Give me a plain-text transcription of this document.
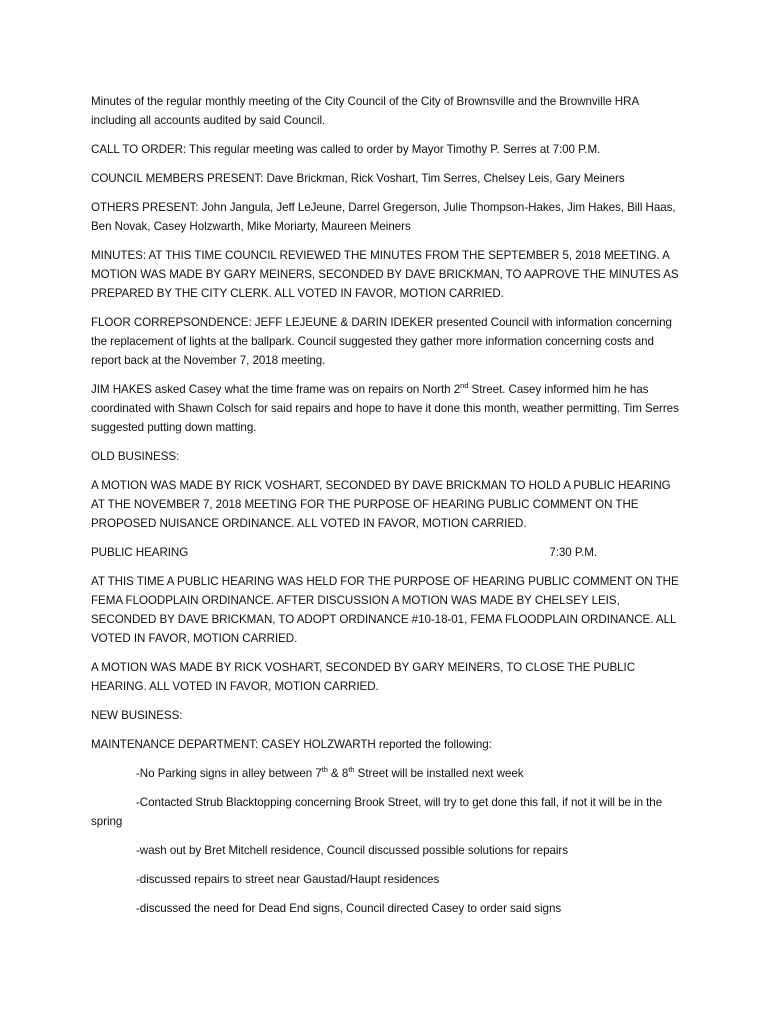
Minutes of the regular monthly meeting of the City Council of the City of Brownsville and the Brownville HRA including all accounts audited by said Council.

CALL TO ORDER: This regular meeting was called to order by Mayor Timothy P. Serres at 7:00 P.M.

COUNCIL MEMBERS PRESENT: Dave Brickman, Rick Voshart, Tim Serres, Chelsey Leis, Gary Meiners

OTHERS PRESENT: John Jangula, Jeff LeJeune, Darrel Gregerson, Julie Thompson-Hakes, Jim Hakes, Bill Haas, Ben Novak, Casey Holzwarth, Mike Moriarty, Maureen Meiners

MINUTES: AT THIS TIME COUNCIL REVIEWED THE MINUTES FROM THE SEPTEMBER 5, 2018 MEETING. A MOTION WAS MADE BY GARY MEINERS, SECONDED BY DAVE BRICKMAN, TO AAPROVE THE MINUTES AS PREPARED BY THE CITY CLERK. ALL VOTED IN FAVOR, MOTION CARRIED.

FLOOR CORREPSONDENCE: JEFF LEJEUNE & DARIN IDEKER presented Council with information concerning the replacement of lights at the ballpark. Council suggested they gather more information concerning costs and report back at the November 7, 2018 meeting.

JIM HAKES asked Casey what the time frame was on repairs on North 2nd Street. Casey informed him he has coordinated with Shawn Colsch for said repairs and hope to have it done this month, weather permitting. Tim Serres suggested putting down matting.

OLD BUSINESS:

A MOTION WAS MADE BY RICK VOSHART, SECONDED BY DAVE BRICKMAN TO HOLD A PUBLIC HEARING AT THE NOVEMBER 7, 2018 MEETING FOR THE PURPOSE OF HEARING PUBLIC COMMENT ON THE PROPOSED NUISANCE ORDINANCE. ALL VOTED IN FAVOR, MOTION CARRIED.

PUBLIC HEARING	7:30 P.M.

AT THIS TIME A PUBLIC HEARING WAS HELD FOR THE PURPOSE OF HEARING PUBLIC COMMENT ON THE FEMA FLOODPLAIN ORDINANCE. AFTER DISCUSSION A MOTION WAS MADE BY CHELSEY LEIS, SECONDED BY DAVE BRICKMAN, TO ADOPT ORDINANCE #10-18-01, FEMA FLOODPLAIN ORDINANCE. ALL VOTED IN FAVOR, MOTION CARRIED.

A MOTION WAS MADE BY RICK VOSHART, SECONDED BY GARY MEINERS, TO CLOSE THE PUBLIC HEARING. ALL VOTED IN FAVOR, MOTION CARRIED.

NEW BUSINESS:

MAINTENANCE DEPARTMENT: CASEY HOLZWARTH reported the following:

-No Parking signs in alley between 7th & 8th Street will be installed next week

-Contacted Strub Blacktopping concerning Brook Street, will try to get done this fall, if not it will be in the spring

-wash out by Bret Mitchell residence, Council discussed possible solutions for repairs

-discussed repairs to street near Gaustad/Haupt residences

-discussed the need for Dead End signs, Council directed Casey to order said signs
